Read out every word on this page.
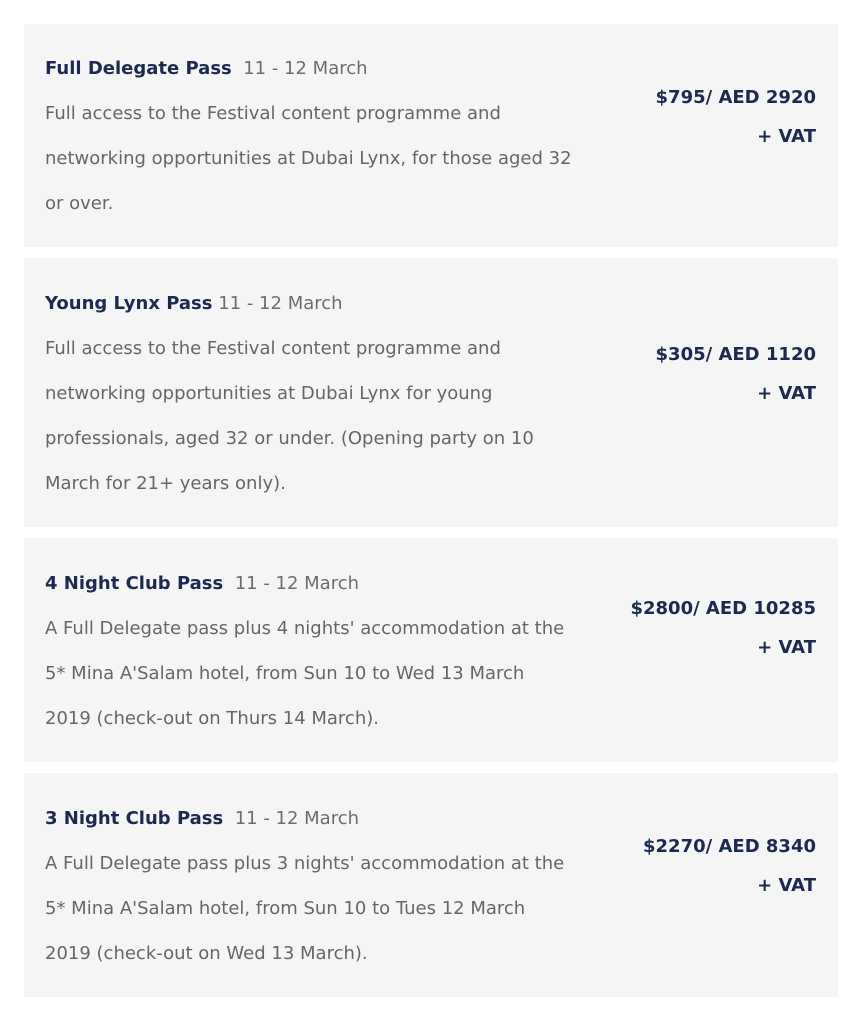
Full Delegate Pass 11 - 12 March
Full access to the Festival content programme and networking opportunities at Dubai Lynx, for those aged 32 or over.
$795/ AED 2920
+ VAT
Young Lynx Pass 11 - 12 March
Full access to the Festival content programme and networking opportunities at Dubai Lynx for young professionals, aged 32 or under. (Opening party on 10 March for 21+ years only).
$305/ AED 1120
+ VAT
4 Night Club Pass 11 - 12 March
A Full Delegate pass plus 4 nights' accommodation at the 5* Mina A'Salam hotel, from Sun 10 to Wed 13 March 2019 (check-out on Thurs 14 March).
$2800/ AED 10285
+ VAT
3 Night Club Pass 11 - 12 March
A Full Delegate pass plus 3 nights' accommodation at the 5* Mina A'Salam hotel, from Sun 10 to Tues 12 March 2019 (check-out on Wed 13 March).
$2270/ AED 8340
+ VAT
